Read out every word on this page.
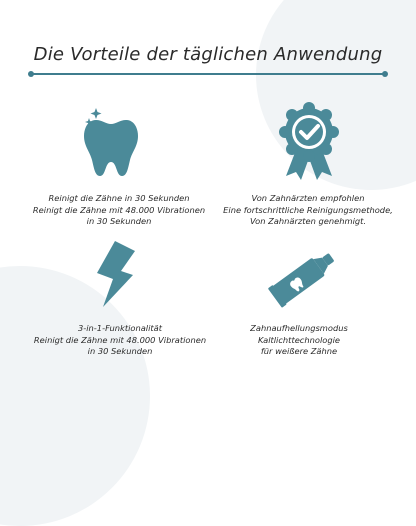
Die Vorteile der täglichen Anwendung
Reinigt die Zähne in 30 Sekunden
Reinigt die Zähne mit 48.000 Vibrationen
in 30 Sekunden
Von Zahnärzten empfohlen
Eine fortschrittliche Reinigungsmethode,
Von Zahnärzten genehmigt.
3-in-1-Funktionalität
Reinigt die Zähne mit 48.000 Vibrationen
in 30 Sekunden
Zahnaufhellungsmodus
Kaltlichttechnologie
für weißere Zähne
